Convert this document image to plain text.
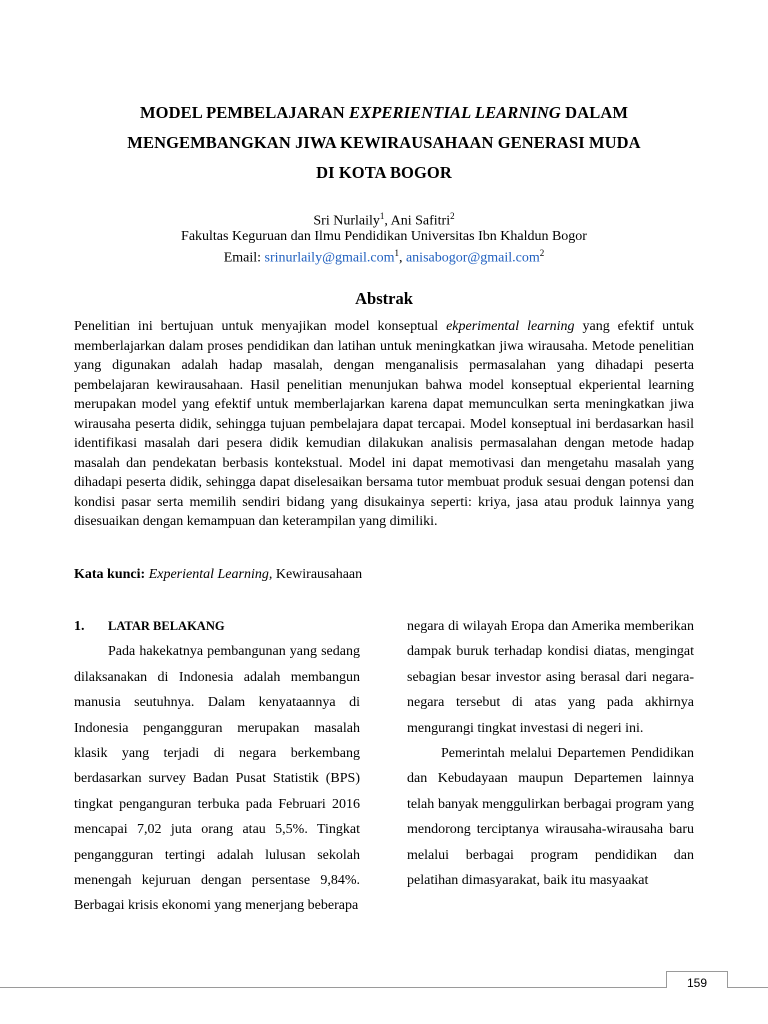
MODEL PEMBELAJARAN EXPERIENTIAL LEARNING DALAM
MENGEMBANGKAN JIWA KEWIRAUSAHAAN GENERASI MUDA
DI KOTA BOGOR
Sri Nurlaily$^1$, Ani Safitri$^2$
Fakultas Keguruan dan Ilmu Pendidikan Universitas Ibn Khaldun Bogor
Email: srinurlaily@gmail.com$^1$, anisabogor@gmail.com$^2$
Abstrak
Penelitian ini bertujuan untuk menyajikan model konseptual ekperimental learning yang efektif untuk memberlajarkan dalam proses pendidikan dan latihan untuk meningkatkan jiwa wirausaha. Metode penelitian yang digunakan adalah hadap masalah, dengan menganalisis permasalahan yang dihadapi peserta pembelajaran kewirausahaan. Hasil penelitian menunjukan bahwa model konseptual ekperiental learning merupakan model yang efektif untuk memberlajarkan karena dapat memunculkan serta meningkatkan jiwa wirausaha peserta didik, sehingga tujuan pembelajara dapat tercapai. Model konseptual ini berdasarkan hasil identifikasi masalah dari pesera didik kemudian dilakukan analisis permasalahan dengan metode hadap masalah dan pendekatan berbasis kontekstual. Model ini dapat memotivasi dan mengetahu masalah yang dihadapi peserta didik, sehingga dapat diselesaikan bersama tutor membuat produk sesuai dengan potensi dan kondisi pasar serta memilih sendiri bidang yang disukainya seperti: kriya, jasa atau produk lainnya yang disesuaikan dengan kemampuan dan keterampilan yang dimiliki.
Kata kunci: Experiental Learning, Kewirausahaan
1.	LATAR BELAKANG

Pada hakekatnya pembangunan yang sedang dilaksanakan di Indonesia adalah membangun manusia seutuhnya. Dalam kenyataannya di Indonesia pengangguran merupakan masalah klasik yang terjadi di negara berkembang berdasarkan survey Badan Pusat Statistik (BPS) tingkat penganguran terbuka pada Februari 2016 mencapai 7,02 juta orang atau 5,5%. Tingkat pengangguran tertingi adalah lulusan sekolah menengah kejuruan dengan persentase 9,84%. Berbagai krisis ekonomi yang menerjang beberapa

negara di wilayah Eropa dan Amerika memberikan dampak buruk terhadap kondisi diatas, mengingat sebagian besar investor asing berasal dari negara-negara tersebut di atas yang pada akhirnya mengurangi tingkat investasi di negeri ini.

Pemerintah melalui Departemen Pendidikan dan Kebudayaan maupun Departemen lainnya telah banyak menggulirkan berbagai program yang mendorong terciptanya wirausaha-wirausaha baru melalui berbagai program pendidikan dan pelatihan dimasyarakat, baik itu masyaakat

159
